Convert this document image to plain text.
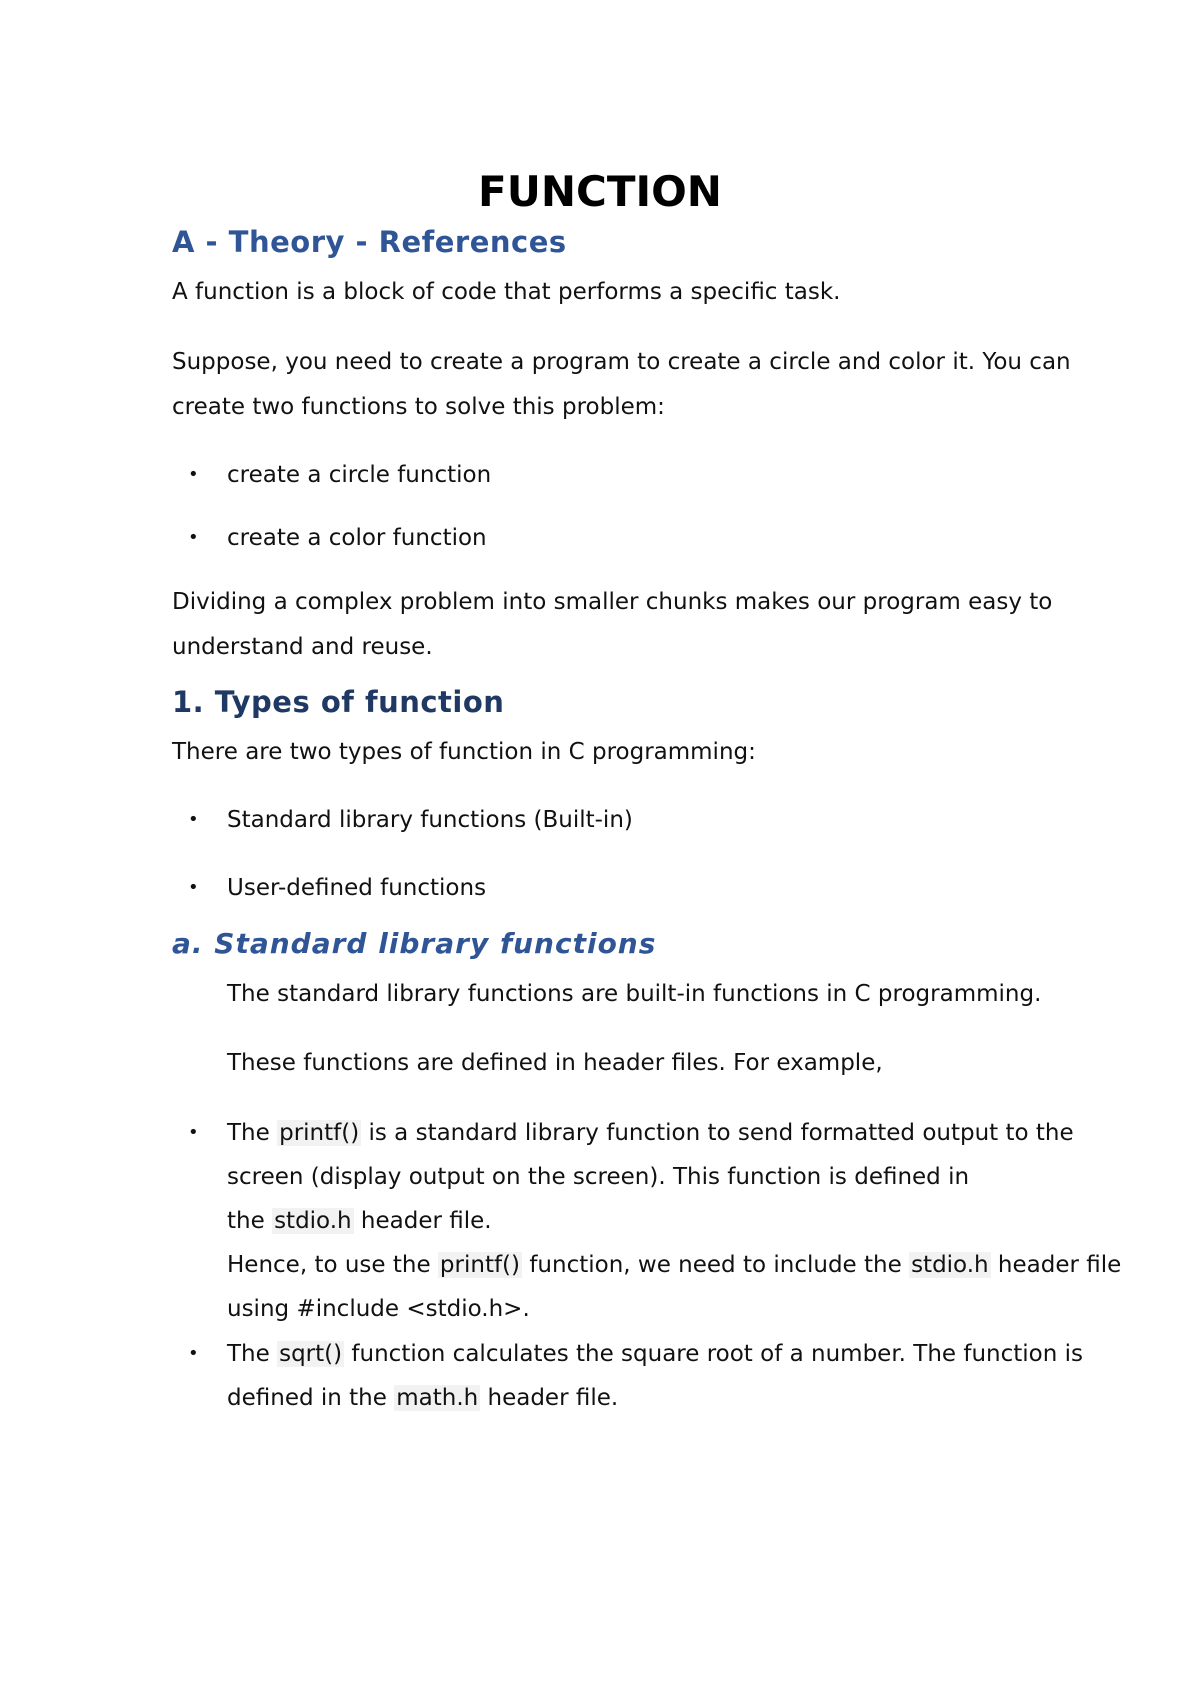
FUNCTION
A - Theory - References

A function is a block of code that performs a specific task.

Suppose, you need to create a program to create a circle and color it. You can

create two functions to solve this problem:

• create a circle function

• create a color function

Dividing a complex problem into smaller chunks makes our program easy to

understand and reuse.

1. Types of function

There are two types of function in C programming:

• Standard library functions (Built-in)

• User-defined functions

a. Standard library functions

The standard library functions are built-in functions in C programming.

These functions are defined in header files. For example,

• The printf() is a standard library function to send formatted output to the

screen (display output on the screen). This function is defined in

the stdio.h header file.

Hence, to use the printf() function, we need to include the stdio.h header file

using #include <stdio.h>.

• The sqrt() function calculates the square root of a number. The function is

defined in the math.h header file.
